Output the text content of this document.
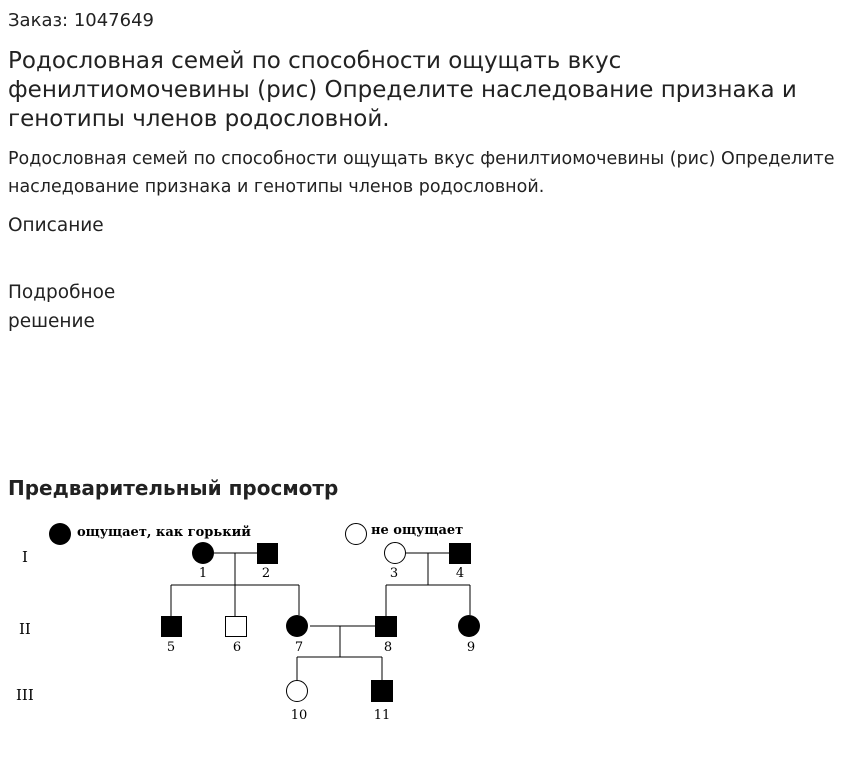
Заказ: 1047649
Родословная семей по способности ощущать вкус фенилтиомочевины (рис) Определите наследование признака и генотипы членов родословной.

Родословная семей по способности ощущать вкус фенилтиомочевины (рис) Определите наследование признака и генотипы членов родословной.

Описание
Подробное решение
Предварительный просмотр
ощущает, как горький	не ощущает
I
II
III
1	2	3	4
5	6	7	8	9
10	11
